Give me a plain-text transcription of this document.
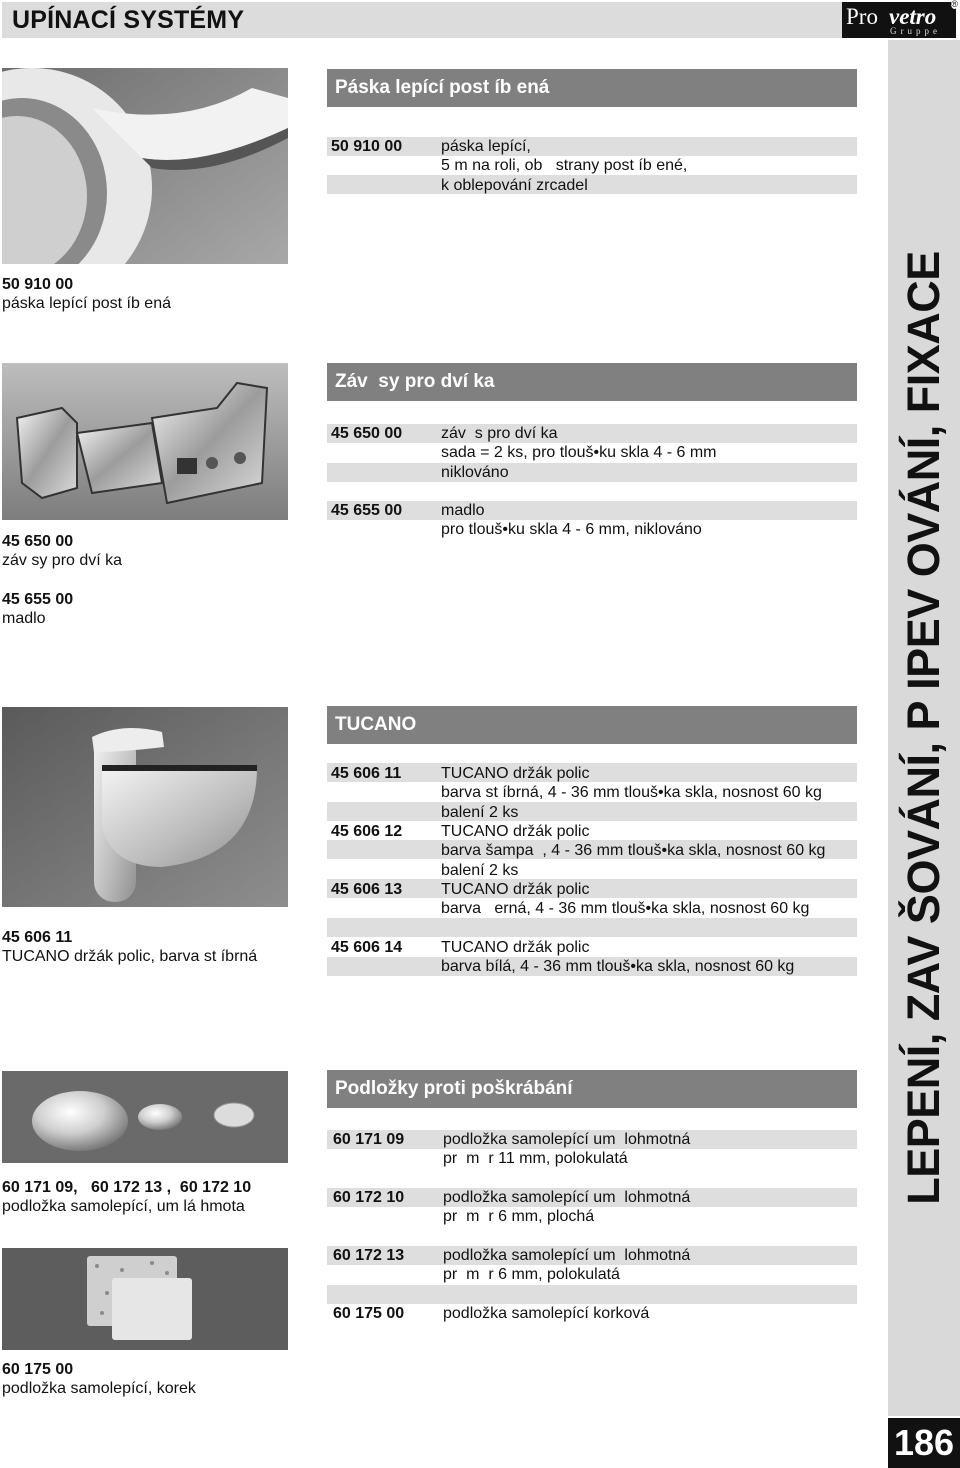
UPÍNACÍ SYSTÉMY	Pro vetro ®
Gruppe
LEPENÍ, ZAV ŠOVÁNÍ, P IPEV OVÁNÍ, FIXACE
186
50 910 00
páska lepící post íb ená
45 650 00
záv sy pro dví ka
45 655 00
madlo
45 606 11
TUCANO držák polic, barva st íbrná
60 171 09,   60 172 13 ,  60 172 10
podložka samolepící, um lá hmota
60 175 00
podložka samolepící, korek
Páska lepící post íb ená
50 910 00 páska lepící,
5 m na roli, ob   strany post íb ené,
k oblepování zrcadel
Záv  sy pro dví ka
45 650 00 záv  s pro dví ka
sada = 2 ks, pro tlouš•ku skla 4 - 6 mm
niklováno
45 655 00 madlo
pro tlouš•ku skla 4 - 6 mm, niklováno
TUCANO
45 606 11 TUCANO držák polic
barva st íbrná, 4 - 36 mm tlouš•ka skla, nosnost 60 kg
balení 2 ks
45 606 12 TUCANO držák polic
barva šampa  , 4 - 36 mm tlouš•ka skla, nosnost 60 kg
balení 2 ks
45 606 13 TUCANO držák polic
barva   erná, 4 - 36 mm tlouš•ka skla, nosnost 60 kg
45 606 14 TUCANO držák polic
barva bílá, 4 - 36 mm tlouš•ka skla, nosnost 60 kg
Podložky proti poškrábání
60 171 09 podložka samolepící um  lohmotná
pr  m  r 11 mm, polokulatá
60 172 10 podložka samolepící um  lohmotná
pr  m  r 6 mm, plochá
60 172 13 podložka samolepící um  lohmotná
pr  m  r 6 mm, polokulatá
60 175 00 podložka samolepící korková
